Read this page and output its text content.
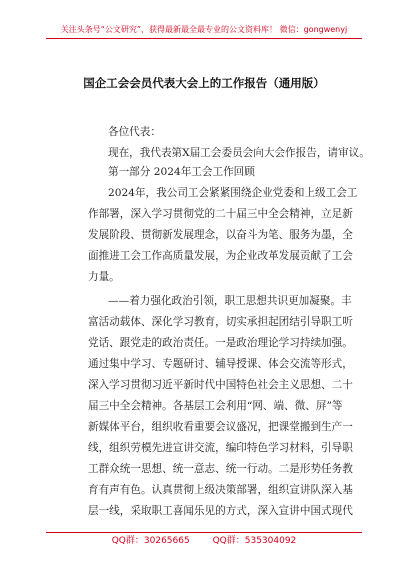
关注头条号“公文研究”，获得最新最全最专业的公文资料库！ 微信：gongwenyj
国企工会会员代表大会上的工作报告（通用版）
各位代表：
现在，我代表第X届工会委员会向大会作报告，请审议。
第一部分 2024年工会工作回顾
2024年，我公司工会紧紧围绕企业党委和上级工会工
作部署，深入学习贯彻党的二十届三中全会精神，立足新
发展阶段、贯彻新发展理念，以奋斗为笔、服务为墨，全
面推进工会工作高质量发展，为企业改革发展贡献了工会
力量。
——着力强化政治引领，职工思想共识更加凝聚。丰
富活动载体、深化学习教育，切实承担起团结引导职工听
党话、跟党走的政治责任。一是政治理论学习持续加强。
通过集中学习、专题研讨、辅导授课、体会交流等形式，
深入学习贯彻习近平新时代中国特色社会主义思想、二十
届三中全会精神。各基层工会利用“网、端、微、屏”等
新媒体平台，组织收看重要会议盛况，把课堂搬到生产一
线，组织劳模先进宣讲交流，编印特色学习材料，引导职
工群众统一思想、统一意志、统一行动。二是形势任务教
育有声有色。认真贯彻上级决策部署，组织宣讲队深入基
层一线，采取职工喜闻乐见的方式，深入宣讲中国式现代
QQ群：30265665	QQ群：535304092
